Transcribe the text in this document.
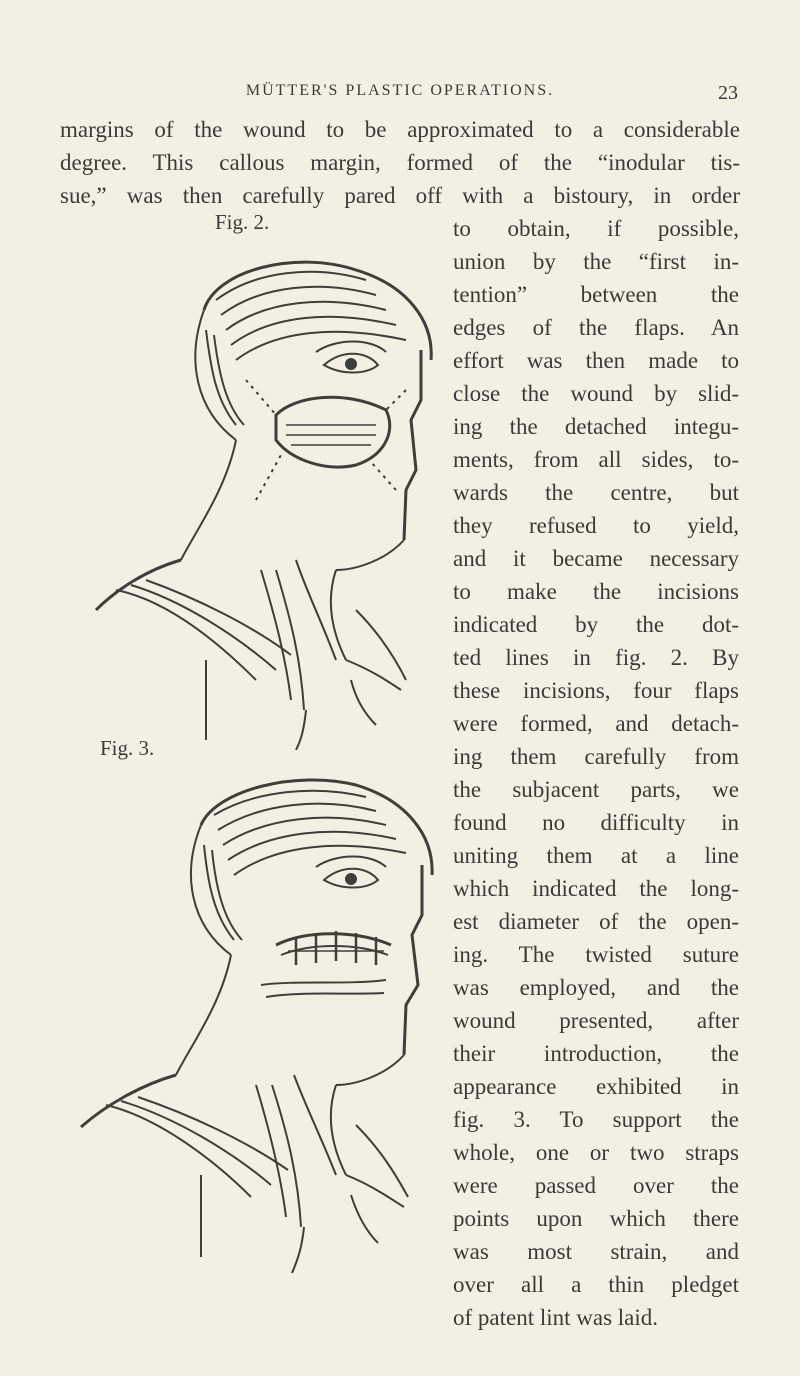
MÜTTER'S PLASTIC OPERATIONS.	23
margins of the wound to be approximated to a considerable
degree. This callous margin, formed of the “inodular tis-
sue,” was then carefully pared off with a bistoury, in order
Fig. 2.
Fig. 3.
to obtain, if possible,
union by the “first in-
tention” between the
edges of the flaps. An
effort was then made to
close the wound by slid-
ing the detached integu-
ments, from all sides, to-
wards the centre, but
they refused to yield,
and it became necessary
to make the incisions
indicated by the dot-
ted lines in fig. 2. By
these incisions, four flaps
were formed, and detach-
ing them carefully from
the subjacent parts, we
found no difficulty in
uniting them at a line
which indicated the long-
est diameter of the open-
ing. The twisted suture
was employed, and the
wound presented, after
their introduction, the
appearance exhibited in
fig. 3. To support the
whole, one or two straps
were passed over the
points upon which there
was most strain, and
over all a thin pledget
of patent lint was laid.
